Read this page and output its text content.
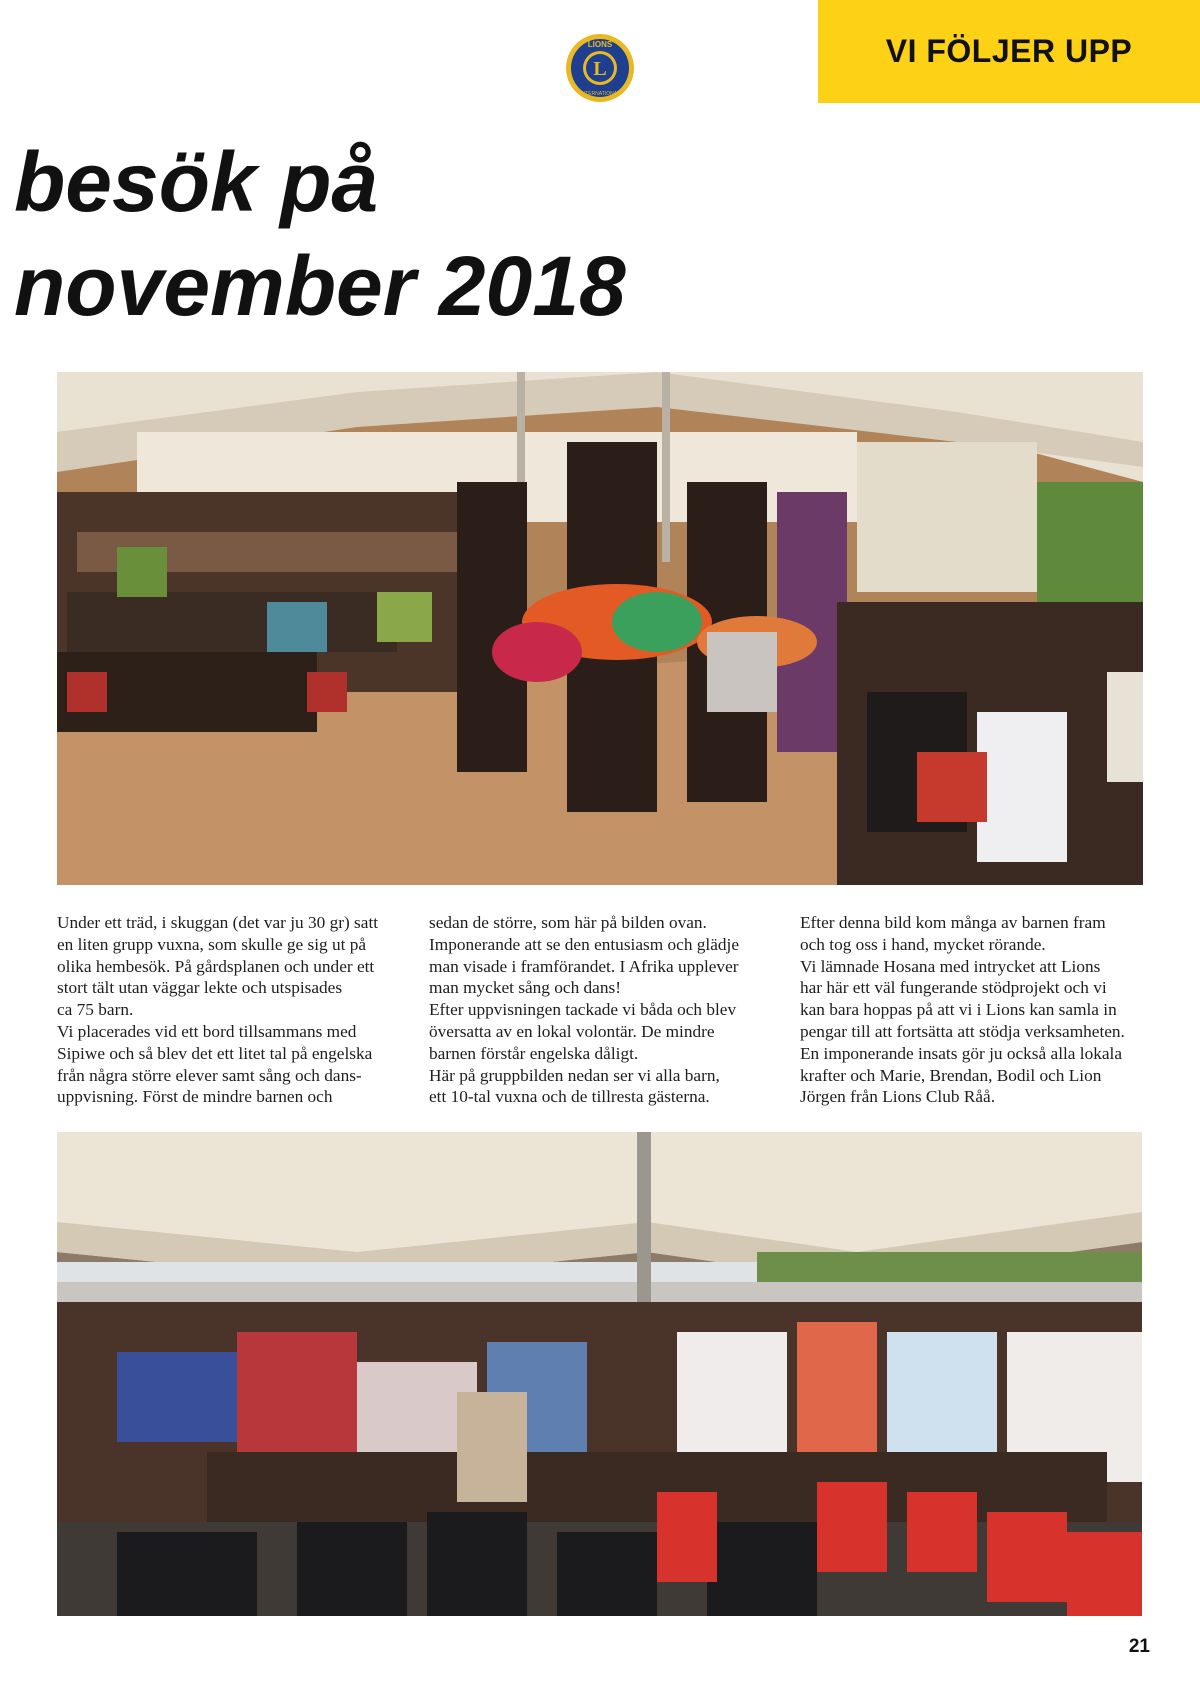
VI FÖLJER UPP
L
LIONS
INTERNATIONAL
besök på
november 2018

Under ett träd, i skuggan (det var ju 30 gr) satt
en liten grupp vuxna, som skulle ge sig ut på
olika hembesök. På gårdsplanen och under ett
stort tält utan väggar lekte och utspisades
ca 75 barn.
Vi placerades vid ett bord tillsammans med
Sipiwe och så blev det ett litet tal på engelska
från några större elever samt sång och dans-
uppvisning. Först de mindre barnen och

sedan de större, som här på bilden ovan.
Imponerande att se den entusiasm och glädje
man visade i framförandet. I Afrika upplever
man mycket sång och dans!
Efter uppvisningen tackade vi båda och blev
översatta av en lokal volontär. De mindre
barnen förstår engelska dåligt.
Här på gruppbilden nedan ser vi alla barn,
ett 10-tal vuxna och de tillresta gästerna.

Efter denna bild kom många av barnen fram
och tog oss i hand, mycket rörande.
Vi lämnade Hosana med intrycket att Lions
har här ett väl fungerande stödprojekt och vi
kan bara hoppas på att vi i Lions kan samla in
pengar till att fortsätta att stödja verksamheten.
En imponerande insats gör ju också alla lokala
krafter och Marie, Brendan, Bodil och Lion
Jörgen från Lions Club Råå.

21
